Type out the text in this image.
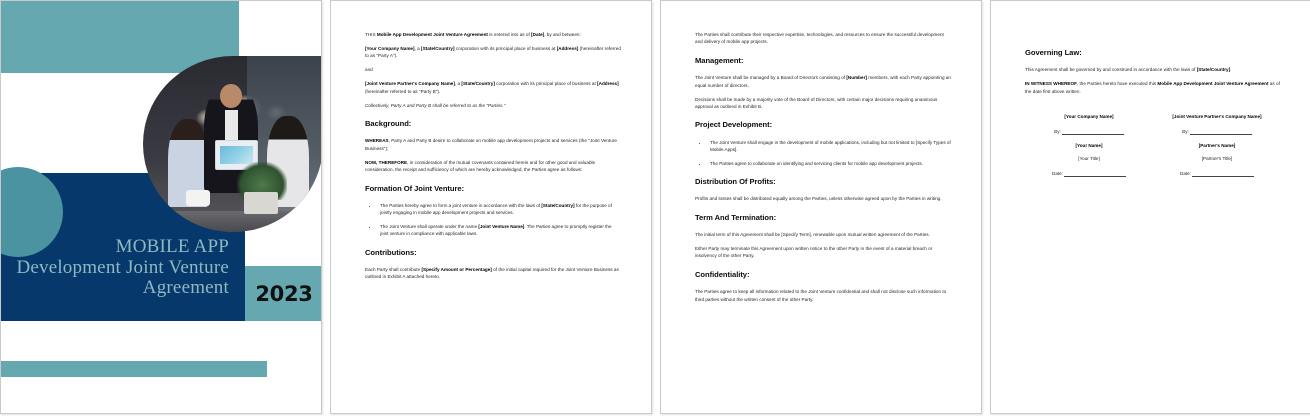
MOBILE APP
Development Joint Venture
Agreement	2023

THIS Mobile App Development Joint Venture Agreement is entered into as of [Date], by and between:

[Your Company Name], a [State/Country] corporation with its principal place of business at [Address] (hereinafter referred to as "Party A").

and

[Joint Venture Partner's Company Name], a [State/Country] corporation with its principal place of business at [Address] (hereinafter referred to as "Party B").

Collectively, Party A and Party B shall be referred to as the "Parties."

Background:

WHEREAS, Party A and Party B desire to collaborate on mobile app development projects and services (the "Joint Venture Business");

NOW, THEREFORE, in consideration of the mutual covenants contained herein and for other good and valuable consideration, the receipt and sufficiency of which are hereby acknowledged, the Parties agree as follows:

Formation Of Joint Venture:
• The Parties hereby agree to form a joint venture in accordance with the laws of [State/Country] for the purpose of jointly engaging in mobile app development projects and services.
• The Joint Venture shall operate under the name [Joint Venture Name]. The Parties agree to promptly register the joint venture in compliance with applicable laws.
Contributions:

Each Party shall contribute [Specify Amount or Percentage] of the initial capital required for the Joint Venture Business as outlined in Exhibit A attached hereto.

The Parties shall contribute their respective expertise, technologies, and resources to ensure the successful development and delivery of mobile app projects.

Management:

The Joint Venture shall be managed by a Board of Directors consisting of [Number] members, with each Party appointing an equal number of directors.

Decisions shall be made by a majority vote of the Board of Directors, with certain major decisions requiring unanimous approval as outlined in Exhibit B.

Project Development:
• The Joint Venture shall engage in the development of mobile applications, including but not limited to [Specify Types of Mobile Apps].
• The Parties agree to collaborate on identifying and servicing clients for mobile app development projects.
Distribution Of Profits:

Profits and losses shall be distributed equally among the Parties, unless otherwise agreed upon by the Parties in writing.

Term And Termination:

The initial term of this Agreement shall be [Specify Term], renewable upon mutual written agreement of the Parties.

Either Party may terminate this Agreement upon written notice to the other Party in the event of a material breach or insolvency of the other Party.

Confidentiality:

The Parties agree to keep all information related to the Joint Venture confidential and shall not disclose such information to third parties without the written consent of the other Party.

Governing Law:

This Agreement shall be governed by and construed in accordance with the laws of [State/Country].

IN WITNESS WHEREOF, the Parties hereto have executed this Mobile App Development Joint Venture Agreement as of the date first above written.

[Your Company Name]
By:
[Your Name]
[Your Title]
Date:
[Joint Venture Partner's Company Name]
By:
[Partner's Name]
[Partner's Title]
Date:
